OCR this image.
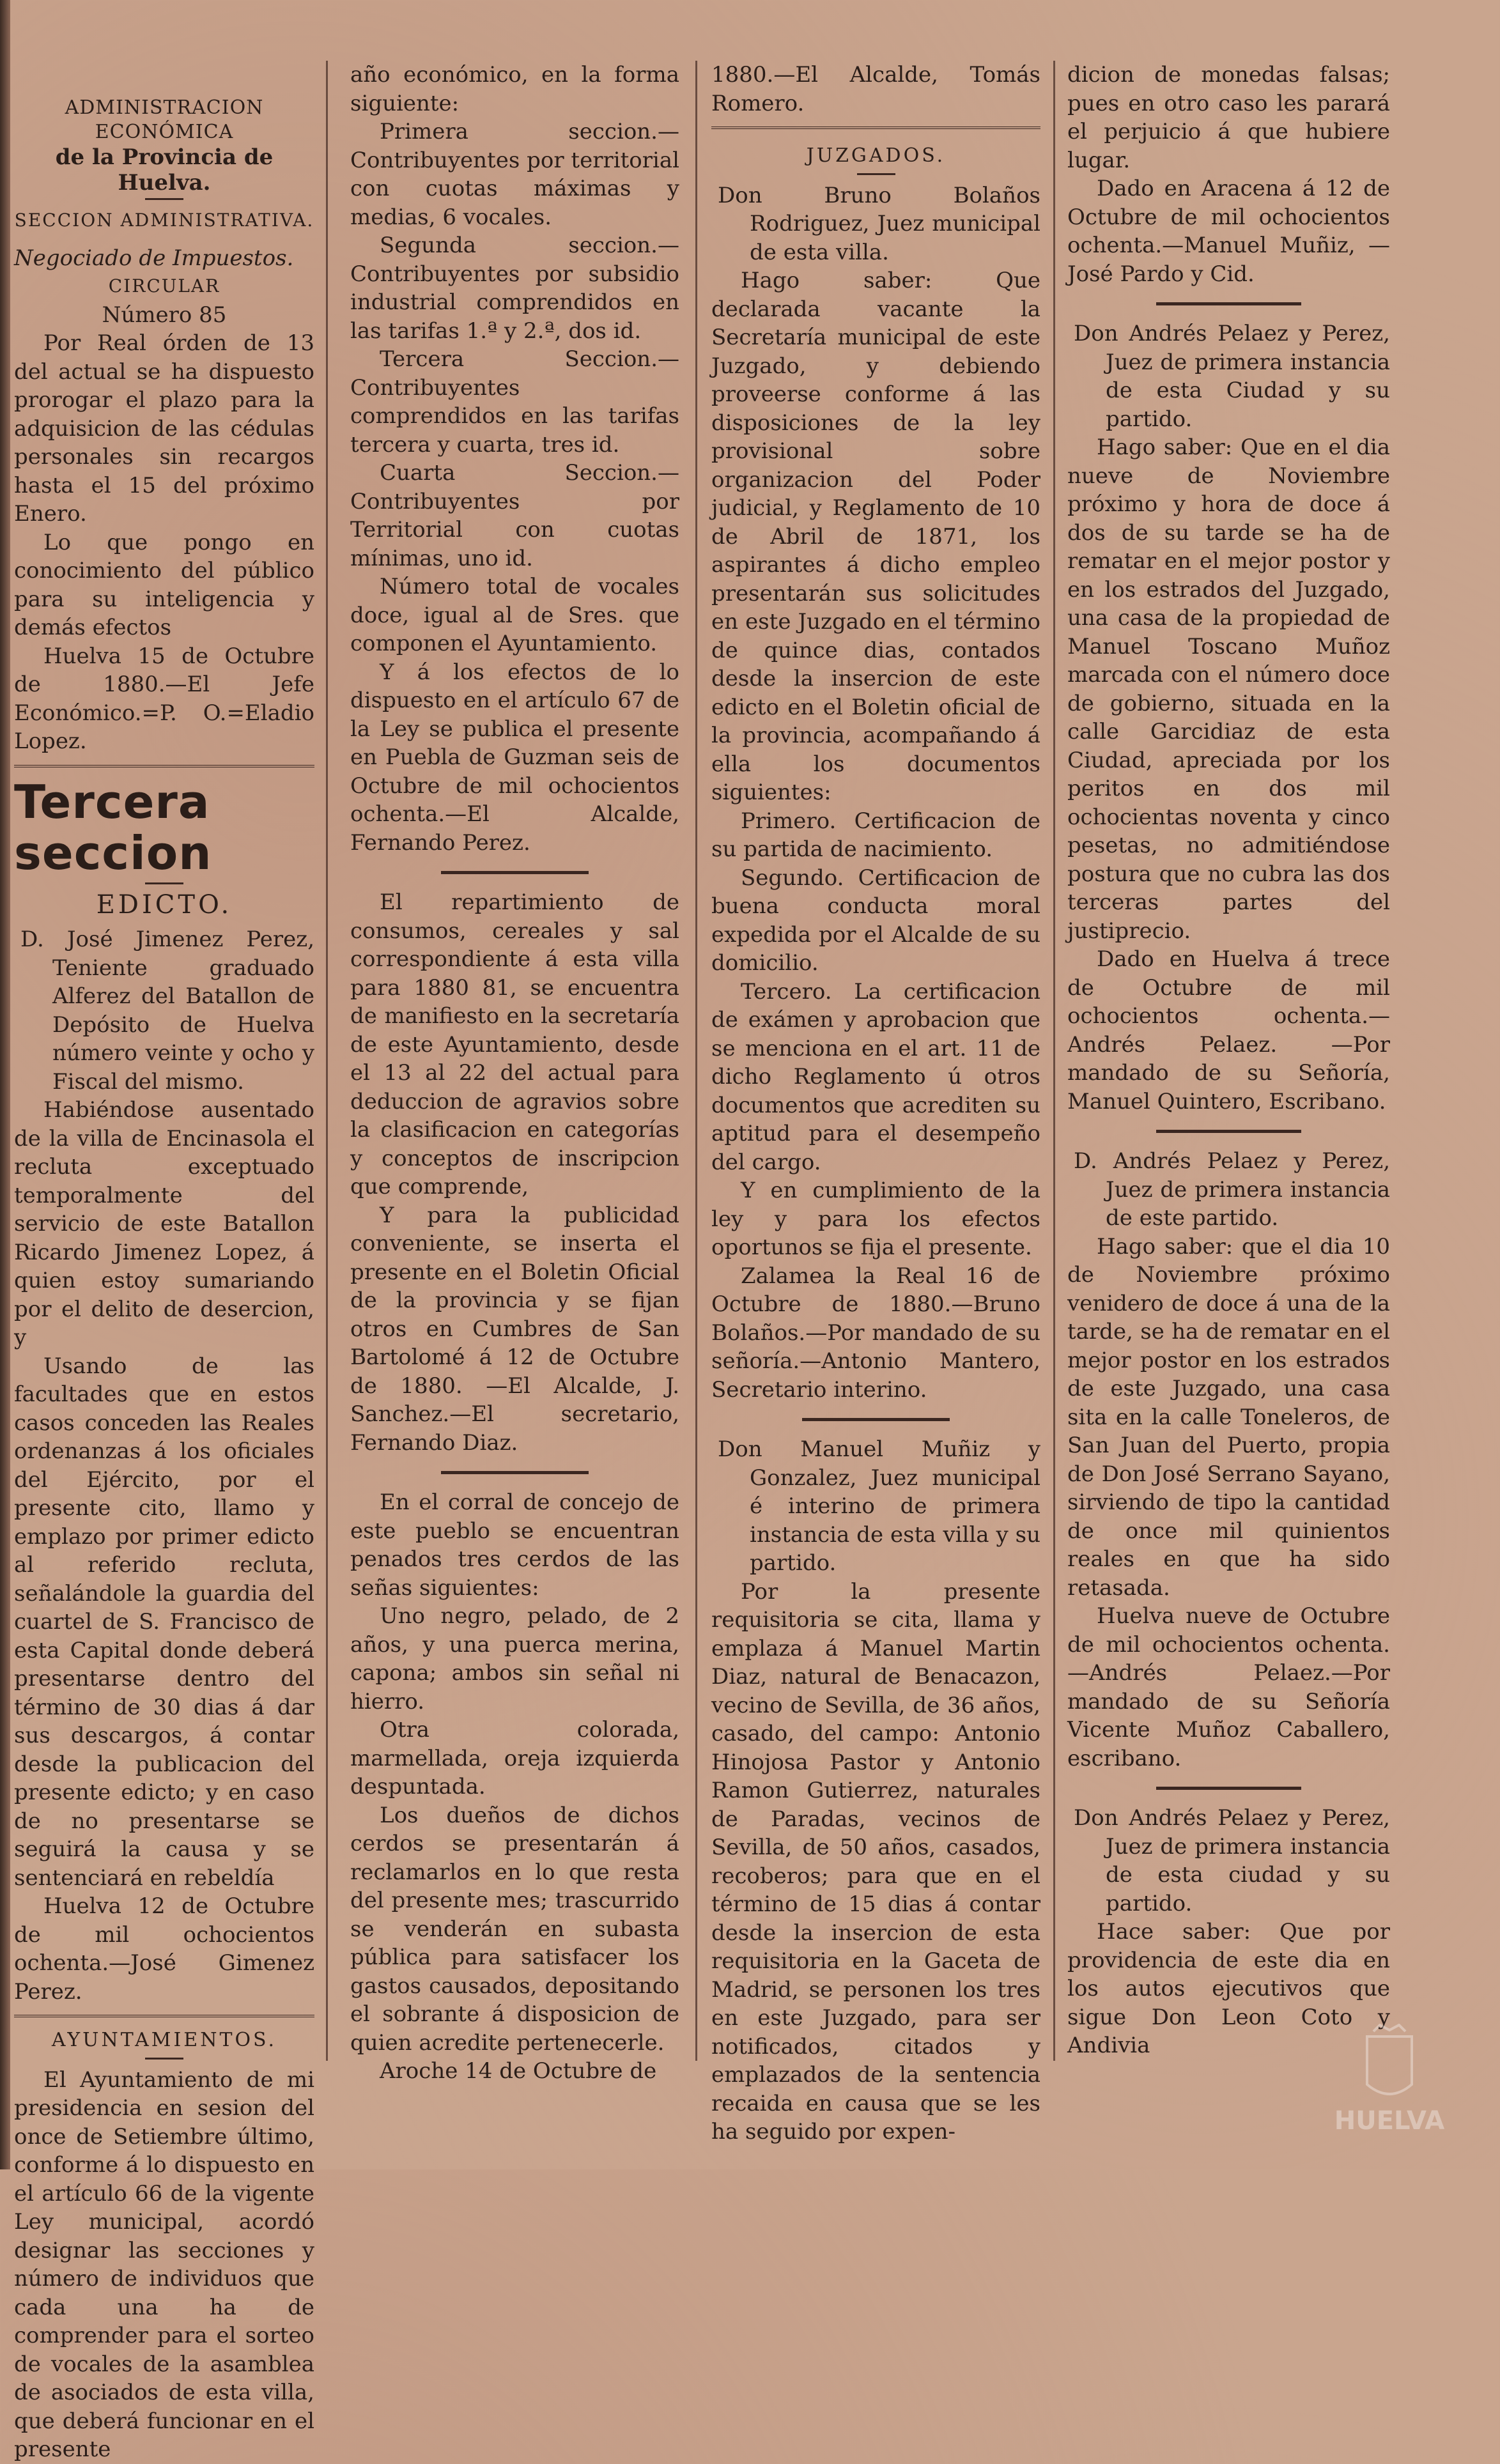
ADMINISTRACION ECONÓMICA

de la Provincia de Huelva.

SECCION ADMINISTRATIVA.

Negociado de Impuestos.

CIRCULAR

Número 85

Por Real órden de 13 del actual se ha dispuesto prorogar el plazo para la adquisicion de las cédulas personales sin recargos hasta el 15 del próximo Enero.

Lo que pongo en conocimiento del público para su inteligencia y demás efectos

Huelva 15 de Octubre de 1880.—El Jefe Económico.=P. O.=Eladio Lopez.

Tercera seccion

EDICTO.

D. José Jimenez Perez, Teniente graduado Alferez del Batallon de Depósito de Huelva número veinte y ocho y Fiscal del mismo.

Habiéndose ausentado de la villa de Encinasola el recluta exceptuado temporalmente del servicio de este Batallon Ricardo Jimenez Lopez, á quien estoy sumariando por el delito de desercion, y

Usando de las facultades que en estos casos conceden las Reales ordenanzas á los oficiales del Ejército, por el presente cito, llamo y emplazo por primer edicto al referido recluta, señalándole la guardia del cuartel de S. Francisco de esta Capital donde deberá presentarse dentro del término de 30 dias á dar sus descargos, á contar desde la publicacion del presente edicto; y en caso de no presentarse se seguirá la causa y se sentenciará en rebeldía

Huelva 12 de Octubre de mil ochocientos ochenta.—José Gimenez Perez.

AYUNTAMIENTOS.

El Ayuntamiento de mi presidencia en sesion del once de Setiembre último, conforme á lo dispuesto en el artículo 66 de la vigente Ley municipal, acordó designar las secciones y número de individuos que cada una ha de comprender para el sorteo de vocales de la asamblea de asociados de esta villa, que deberá funcionar en el presente

año económico, en la forma siguiente:

Primera seccion.—Contribuyentes por territorial con cuotas máximas y medias, 6 vocales.

Segunda seccion.—Contribuyentes por subsidio industrial comprendidos en las tarifas 1.ª y 2.ª, dos id.

Tercera Seccion.—Contribuyentes comprendidos en las tarifas tercera y cuarta, tres id.

Cuarta Seccion.—Contribuyentes por Territorial con cuotas mínimas, uno id.

Número total de vocales doce, igual al de Sres. que componen el Ayuntamiento.

Y á los efectos de lo dispuesto en el artículo 67 de la Ley se publica el presente en Puebla de Guzman seis de Octubre de mil ochocientos ochenta.—El Alcalde, Fernando Perez.

El repartimiento de consumos, cereales y sal correspondiente á esta villa para 1880 81, se encuentra de manifiesto en la secretaría de este Ayuntamiento, desde el 13 al 22 del actual para deduccion de agravios sobre la clasificacion en categorías y conceptos de inscripcion que comprende,

Y para la publicidad conveniente, se inserta el presente en el Boletin Oficial de la provincia y se fijan otros en Cumbres de San Bartolomé á 12 de Octubre de 1880. —El Alcalde, J. Sanchez.—El secretario, Fernando Diaz.

En el corral de concejo de este pueblo se encuentran penados tres cerdos de las señas siguientes:

Uno negro, pelado, de 2 años, y una puerca merina, capona; ambos sin señal ni hierro.

Otra colorada, marmellada, oreja izquierda despuntada.

Los dueños de dichos cerdos se presentarán á reclamarlos en lo que resta del presente mes; trascurrido se venderán en subasta pública para satisfacer los gastos causados, depositando el sobrante á disposicion de quien acredite pertenecerle.

Aroche 14 de Octubre de

1880.—El Alcalde, Tomás Romero.

JUZGADOS.

Don Bruno Bolaños Rodriguez, Juez municipal de esta villa.

Hago saber: Que declarada vacante la Secretaría municipal de este Juzgado, y debiendo proveerse conforme á las disposiciones de la ley provisional sobre organizacion del Poder judicial, y Reglamento de 10 de Abril de 1871, los aspirantes á dicho empleo presentarán sus solicitudes en este Juzgado en el término de quince dias, contados desde la insercion de este edicto en el Boletin oficial de la provincia, acompañando á ella los documentos siguientes:

Primero. Certificacion de su partida de nacimiento.

Segundo. Certificacion de buena conducta moral expedida por el Alcalde de su domicilio.

Tercero. La certificacion de exámen y aprobacion que se menciona en el art. 11 de dicho Reglamento ú otros documentos que acrediten su aptitud para el desempeño del cargo.

Y en cumplimiento de la ley y para los efectos oportunos se fija el presente.

Zalamea la Real 16 de Octubre de 1880.—Bruno Bolaños.—Por mandado de su señoría.—Antonio Mantero, Secretario interino.

Don Manuel Muñiz y Gonzalez, Juez municipal é interino de primera instancia de esta villa y su partido.

Por la presente requisitoria se cita, llama y emplaza á Manuel Martin Diaz, natural de Benacazon, vecino de Sevilla, de 36 años, casado, del campo: Antonio Hinojosa Pastor y Antonio Ramon Gutierrez, naturales de Paradas, vecinos de Sevilla, de 50 años, casados, recoberos; para que en el término de 15 dias á contar desde la insercion de esta requisitoria en la Gaceta de Madrid, se personen los tres en este Juzgado, para ser notificados, citados y emplazados de la sentencia recaida en causa que se les ha seguido por expen-

dicion de monedas falsas; pues en otro caso les parará el perjuicio á que hubiere lugar.

Dado en Aracena á 12 de Octubre de mil ochocientos ochenta.—Manuel Muñiz, —José Pardo y Cid.

Don Andrés Pelaez y Perez, Juez de primera instancia de esta Ciudad y su partido.

Hago saber: Que en el dia nueve de Noviembre próximo y hora de doce á dos de su tarde se ha de rematar en el mejor postor y en los estrados del Juzgado, una casa de la propiedad de Manuel Toscano Muñoz marcada con el número doce de gobierno, situada en la calle Garcidiaz de esta Ciudad, apreciada por los peritos en dos mil ochocientas noventa y cinco pesetas, no admitiéndose postura que no cubra las dos terceras partes del justiprecio.

Dado en Huelva á trece de Octubre de mil ochocientos ochenta.—Andrés Pelaez. —Por mandado de su Señoría, Manuel Quintero, Escribano.

D. Andrés Pelaez y Perez, Juez de primera instancia de este partido.

Hago saber: que el dia 10 de Noviembre próximo venidero de doce á una de la tarde, se ha de rematar en el mejor postor en los estrados de este Juzgado, una casa sita en la calle Toneleros, de San Juan del Puerto, propia de Don José Serrano Sayano, sirviendo de tipo la cantidad de once mil quinientos reales en que ha sido retasada.

Huelva nueve de Octubre de mil ochocientos ochenta. —Andrés Pelaez.—Por mandado de su Señoría Vicente Muñoz Caballero, escribano.

Don Andrés Pelaez y Perez, Juez de primera instancia de esta ciudad y su partido.

Hace saber: Que por providencia de este dia en los autos ejecutivos que sigue Don Leon Coto y Andivia

HUELVA
